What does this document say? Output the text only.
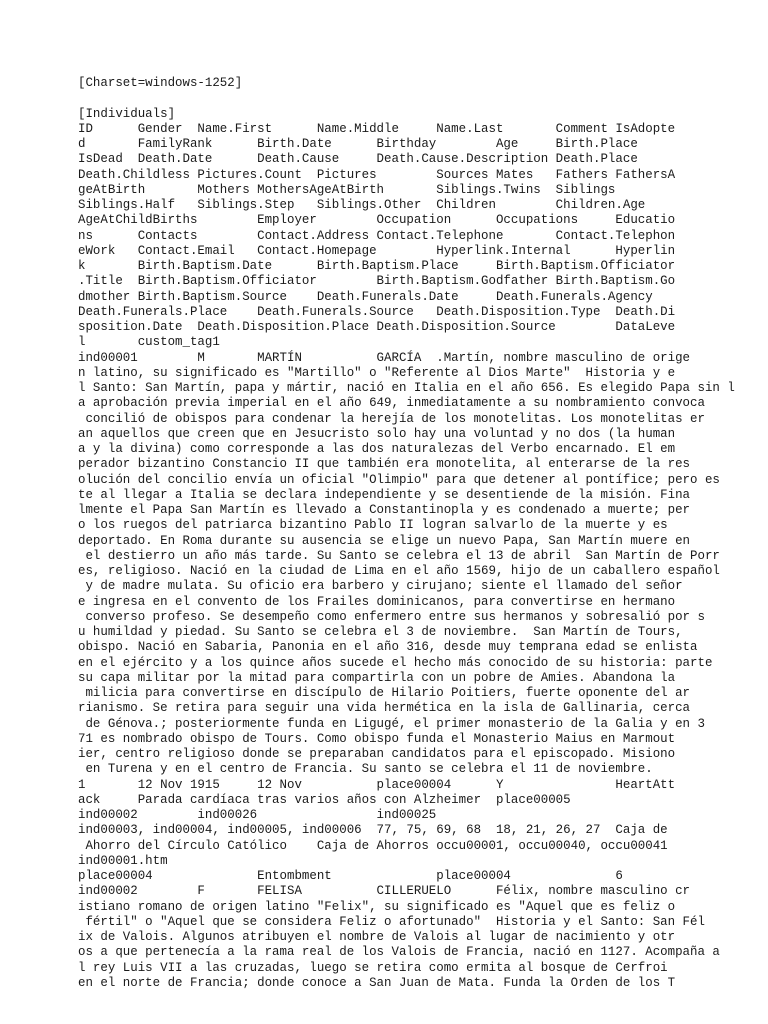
[Charset=windows-1252]
[Individuals]
ID      Gender  Name.First      Name.Middle     Name.Last       Comment IsAdopte
d       FamilyRank      Birth.Date      Birthday        Age     Birth.Place
IsDead  Death.Date      Death.Cause     Death.Cause.Description Death.Place
Death.Childless Pictures.Count  Pictures        Sources Mates   Fathers FathersA
geAtBirth       Mothers MothersAgeAtBirth       Siblings.Twins  Siblings
Siblings.Half   Siblings.Step   Siblings.Other  Children        Children.Age
AgeAtChildBirths        Employer        Occupation      Occupations     Educatio
ns      Contacts        Contact.Address Contact.Telephone       Contact.Telephon
eWork   Contact.Email   Contact.Homepage        Hyperlink.Internal      Hyperlin
k       Birth.Baptism.Date      Birth.Baptism.Place     Birth.Baptism.Officiator
.Title  Birth.Baptism.Officiator        Birth.Baptism.Godfather Birth.Baptism.Go
dmother Birth.Baptism.Source    Death.Funerals.Date     Death.Funerals.Agency
Death.Funerals.Place    Death.Funerals.Source   Death.Disposition.Type  Death.Di
sposition.Date  Death.Disposition.Place Death.Disposition.Source        DataLeve
l       custom_tag1
ind00001        M       MARTÍN          GARCÍA  .Martín, nombre masculino de orige
n latino, su significado es "Martillo" o "Referente al Dios Marte"  Historia y e
l Santo: San Martín, papa y mártir, nació en Italia en el año 656. Es elegido Papa sin l
a aprobación previa imperial en el año 649, inmediatamente a su nombramiento convoca
concilió de obispos para condenar la herejía de los monotelitas. Los monotelitas er
an aquellos que creen que en Jesucristo solo hay una voluntad y no dos (la human
a y la divina) como corresponde a las dos naturalezas del Verbo encarnado. El em
perador bizantino Constancio II que también era monotelita, al enterarse de la res
olución del concilio envía un oficial "Olimpio" para que detener al pontífice; pero es
te al llegar a Italia se declara independiente y se desentiende de la misión. Fina
lmente el Papa San Martín es llevado a Constantinopla y es condenado a muerte; per
o los ruegos del patriarca bizantino Pablo II logran salvarlo de la muerte y es
deportado. En Roma durante su ausencia se elige un nuevo Papa, San Martín muere en
el destierro un año más tarde. Su Santo se celebra el 13 de abril  San Martín de Porr
es, religioso. Nació en la ciudad de Lima en el año 1569, hijo de un caballero español
y de madre mulata. Su oficio era barbero y cirujano; siente el llamado del señor
e ingresa en el convento de los Frailes dominicanos, para convertirse en hermano
converso profeso. Se desempeño como enfermero entre sus hermanos y sobresalió por s
u humildad y piedad. Su Santo se celebra el 3 de noviembre.  San Martín de Tours,
obispo. Nació en Sabaria, Panonia en el año 316, desde muy temprana edad se enlista
en el ejército y a los quince años sucede el hecho más conocido de su historia: parte
su capa militar por la mitad para compartirla con un pobre de Amies. Abandona la
milicia para convertirse en discípulo de Hilario Poitiers, fuerte oponente del ar
rianismo. Se retira para seguir una vida hermética en la isla de Gallinaria, cerca
de Génova.; posteriormente funda en Ligugé, el primer monasterio de la Galia y en 3
71 es nombrado obispo de Tours. Como obispo funda el Monasterio Maius en Marmout
ier, centro religioso donde se preparaban candidatos para el episcopado. Misiono
en Turena y en el centro de Francia. Su santo se celebra el 11 de noviembre.
1       12 Nov 1915     12 Nov          place00004      Y               HeartAtt
ack     Parada cardíaca tras varios años con Alzheimer  place00005
ind00002        ind00026                ind00025
ind00003, ind00004, ind00005, ind00006  77, 75, 69, 68  18, 21, 26, 27  Caja de
Ahorro del Círculo Católico    Caja de Ahorros occu00001, occu00040, occu00041
ind00001.htm
place00004              Entombment              place00004              6
ind00002        F       FELISA          CILLERUELO      Félix, nombre masculino cr
istiano romano de origen latino "Felix", su significado es "Aquel que es feliz o
fértil" o "Aquel que se considera Feliz o afortunado"  Historia y el Santo: San Fél
ix de Valois. Algunos atribuyen el nombre de Valois al lugar de nacimiento y otr
os a que pertenecía a la rama real de los Valois de Francia, nació en 1127. Acompaña a
l rey Luis VII a las cruzadas, luego se retira como ermita al bosque de Cerfroi
en el norte de Francia; donde conoce a San Juan de Mata. Funda la Orden de los T
